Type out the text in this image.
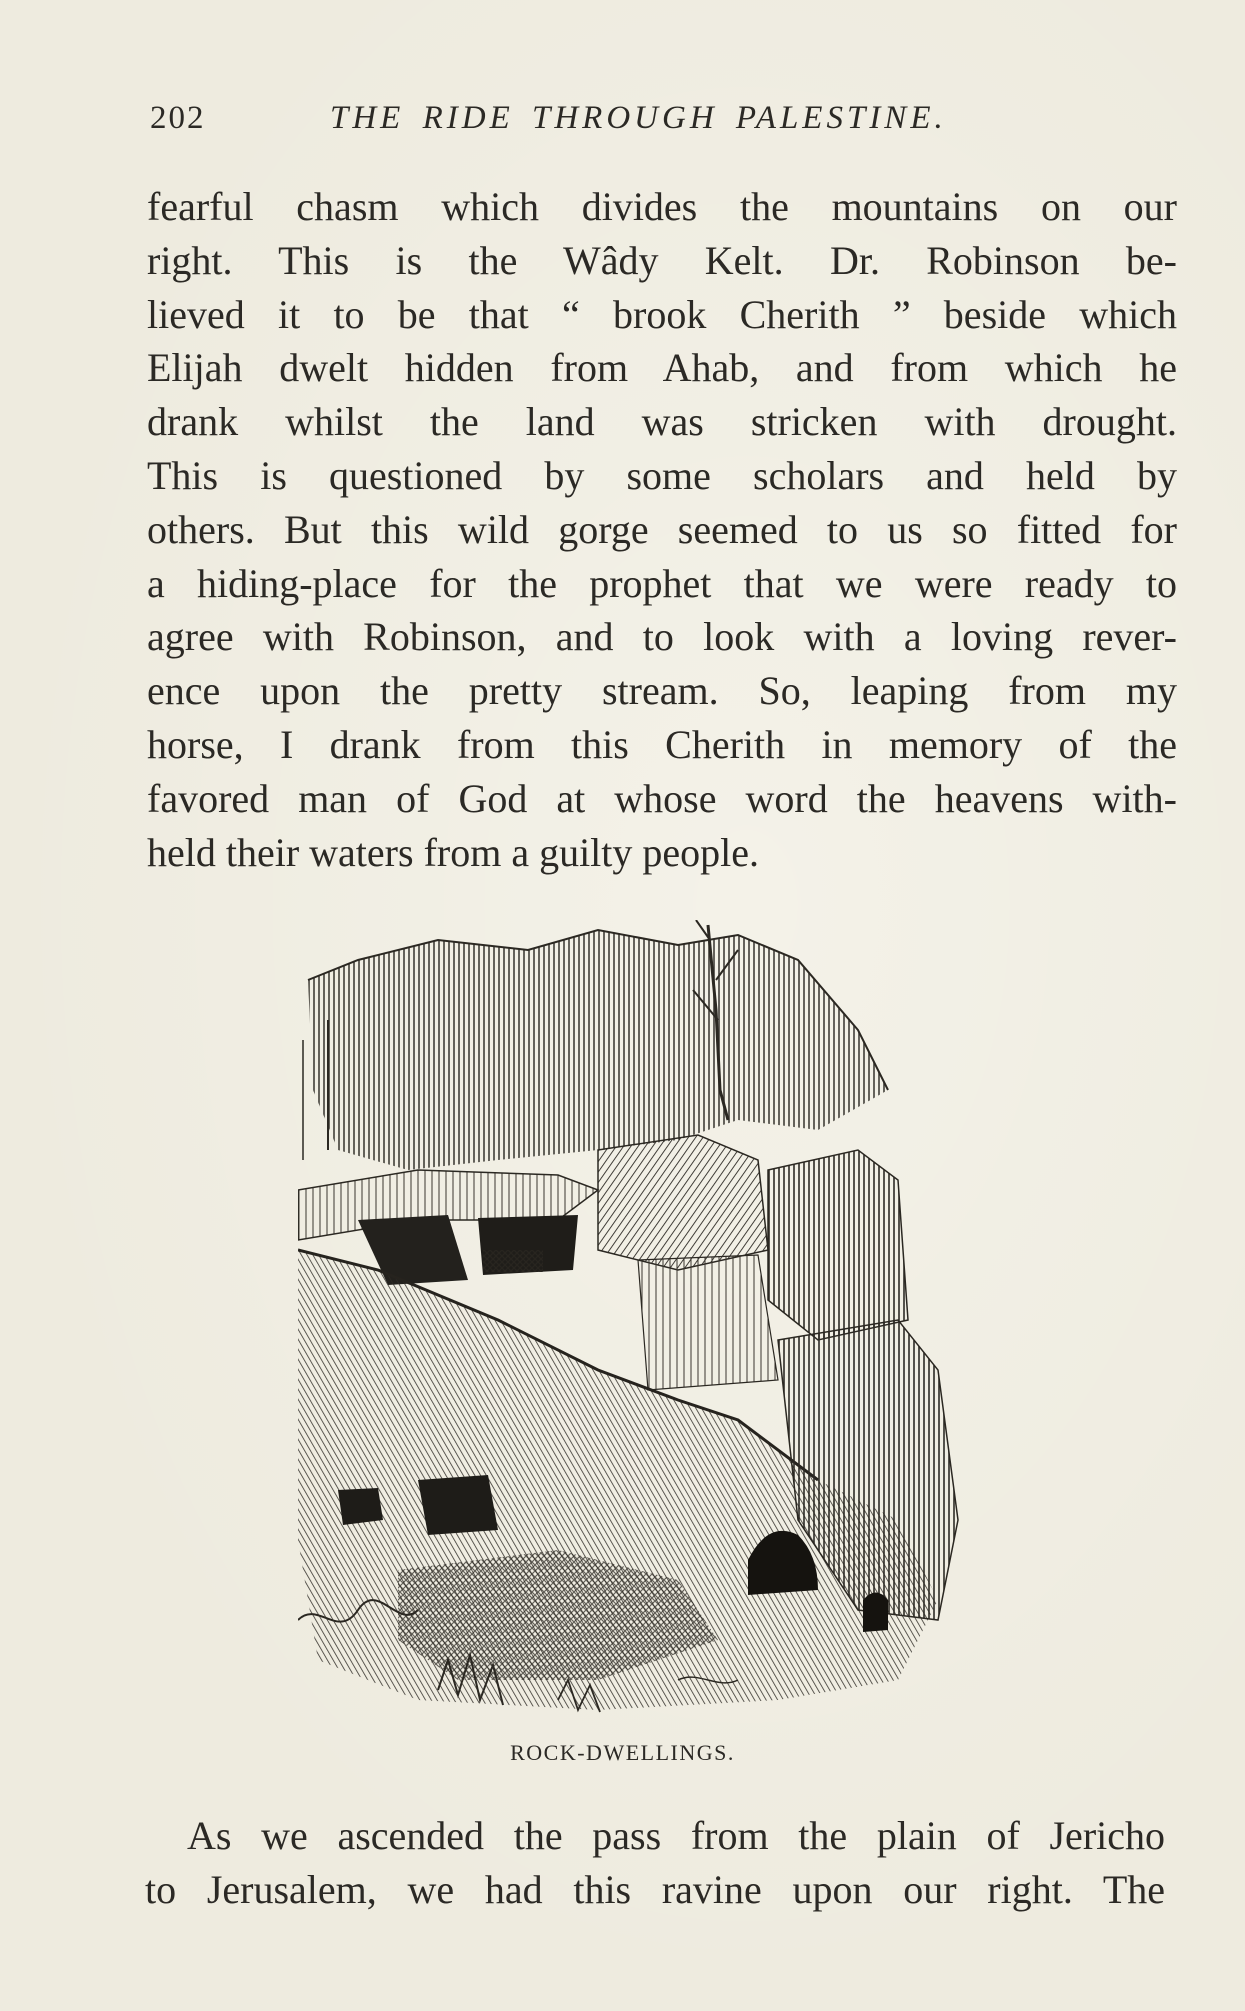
202	THE RIDE THROUGH PALESTINE.
fearful chasm which divides the mountains on our
right. This is the Wâdy Kelt. Dr. Robinson be-
lieved it to be that “ brook Cherith ” beside which
Elijah dwelt hidden from Ahab, and from which he
drank whilst the land was stricken with drought.
This is questioned by some scholars and held by
others. But this wild gorge seemed to us so fitted for
a hiding-place for the prophet that we were ready to
agree with Robinson, and to look with a loving rever-
ence upon the pretty stream. So, leaping from my
horse, I drank from this Cherith in memory of the
favored man of God at whose word the heavens with-
held their waters from a guilty people.
ROCK-DWELLINGS.
As we ascended the pass from the plain of Jericho
to Jerusalem, we had this ravine upon our right. The
